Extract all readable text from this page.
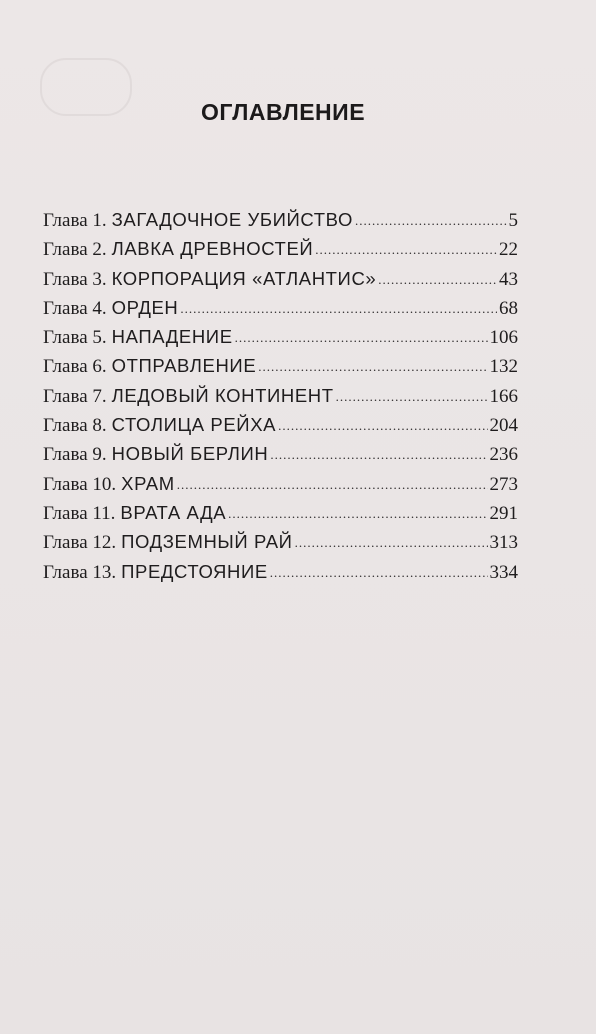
ОГЛАВЛЕНИЕ
Глава 1. ЗАГАДОЧНОЕ УБИЙСТВО .....	5
Глава 2. ЛАВКА ДРЕВНОСТЕЙ .....	22
Глава 3. КОРПОРАЦИЯ «АТЛАНТИС» .....	43
Глава 4. ОРДЕН .....	68
Глава 5. НАПАДЕНИЕ .....	106
Глава 6. ОТПРАВЛЕНИЕ .....	132
Глава 7. ЛЕДОВЫЙ КОНТИНЕНТ .....	166
Глава 8. СТОЛИЦА РЕЙХА .....	204
Глава 9. НОВЫЙ БЕРЛИН .....	236
Глава 10. ХРАМ .....	273
Глава 11. ВРАТА АДА .....	291
Глава 12. ПОДЗЕМНЫЙ РАЙ .....	313
Глава 13. ПРЕДСТОЯНИЕ .....	334
